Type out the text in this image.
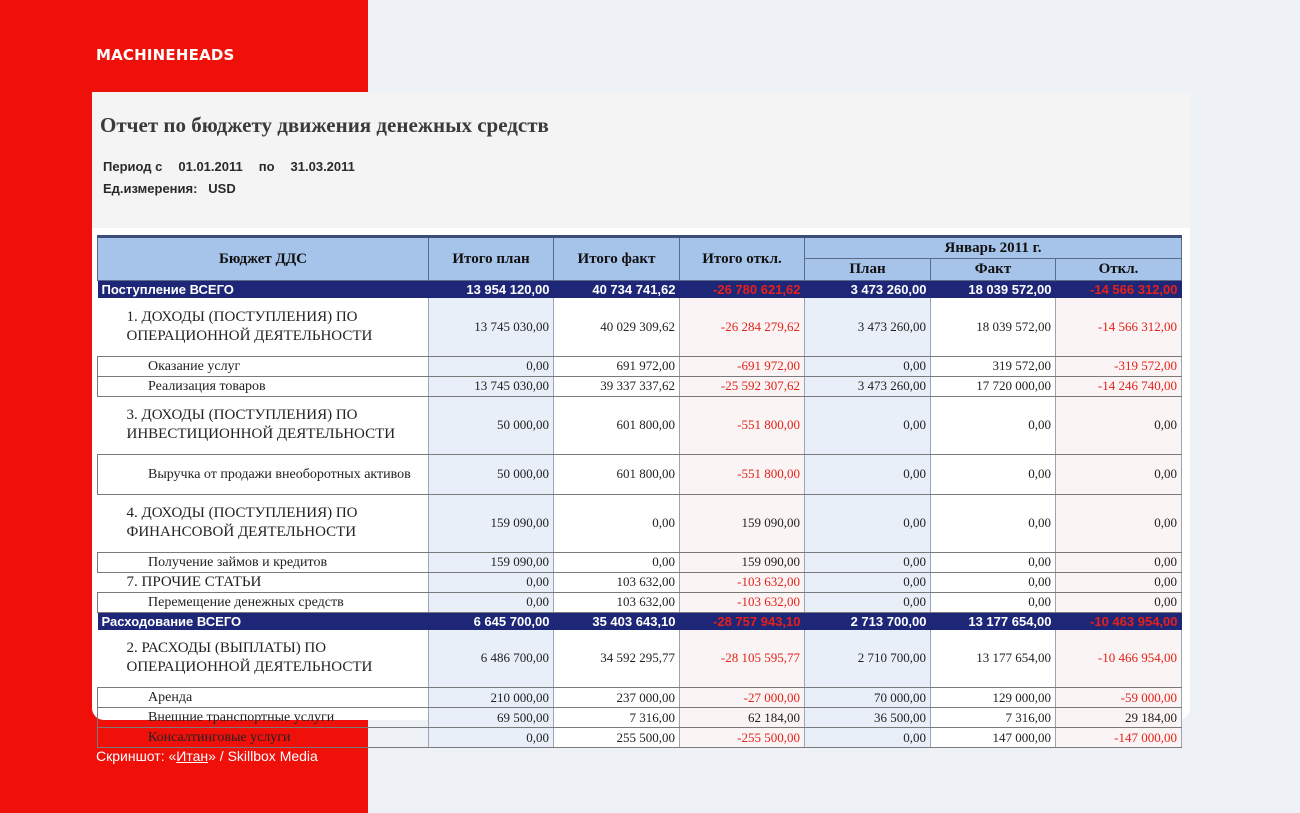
MACHINEHEADS
Скриншот: «Итан» / Skillbox Media
Отчет по бюджету движения денежных средств
Период с 01.01.2011 по 31.03.2011
Ед.измерения: USD
Бюджет ДДС	Итого план	Итого факт	Итого откл.	Январь 2011 г.		
				План	Факт	Откл.
Поступление ВСЕГО	13 954 120,00	40 734 741,62	-26 780 621,62	3 473 260,00	18 039 572,00	-14 566 312,00
1. ДОХОДЫ (ПОСТУПЛЕНИЯ) ПО ОПЕРАЦИОННОЙ ДЕЯТЕЛЬНОСТИ	13 745 030,00	40 029 309,62	-26 284 279,62	3 473 260,00	18 039 572,00	-14 566 312,00
Оказание услуг	0,00	691 972,00	-691 972,00	0,00	319 572,00	-319 572,00
Реализация товаров	13 745 030,00	39 337 337,62	-25 592 307,62	3 473 260,00	17 720 000,00	-14 246 740,00
3. ДОХОДЫ (ПОСТУПЛЕНИЯ) ПО ИНВЕСТИЦИОННОЙ ДЕЯТЕЛЬНОСТИ	50 000,00	601 800,00	-551 800,00	0,00	0,00	0,00
Выручка от продажи внеоборотных активов	50 000,00	601 800,00	-551 800,00	0,00	0,00	0,00
4. ДОХОДЫ (ПОСТУПЛЕНИЯ) ПО ФИНАНСОВОЙ ДЕЯТЕЛЬНОСТИ	159 090,00	0,00	159 090,00	0,00	0,00	0,00
Получение займов и кредитов	159 090,00	0,00	159 090,00	0,00	0,00	0,00
7. ПРОЧИЕ СТАТЬИ	0,00	103 632,00	-103 632,00	0,00	0,00	0,00
Перемещение денежных средств	0,00	103 632,00	-103 632,00	0,00	0,00	0,00
Расходование ВСЕГО	6 645 700,00	35 403 643,10	-28 757 943,10	2 713 700,00	13 177 654,00	-10 463 954,00
2. РАСХОДЫ (ВЫПЛАТЫ) ПО ОПЕРАЦИОННОЙ ДЕЯТЕЛЬНОСТИ	6 486 700,00	34 592 295,77	-28 105 595,77	2 710 700,00	13 177 654,00	-10 466 954,00
Аренда	210 000,00	237 000,00	-27 000,00	70 000,00	129 000,00	-59 000,00
Внешние транспортные услуги	69 500,00	7 316,00	62 184,00	36 500,00	7 316,00	29 184,00
Консалтинговые услуги	0,00	255 500,00	-255 500,00	0,00	147 000,00	-147 000,00
